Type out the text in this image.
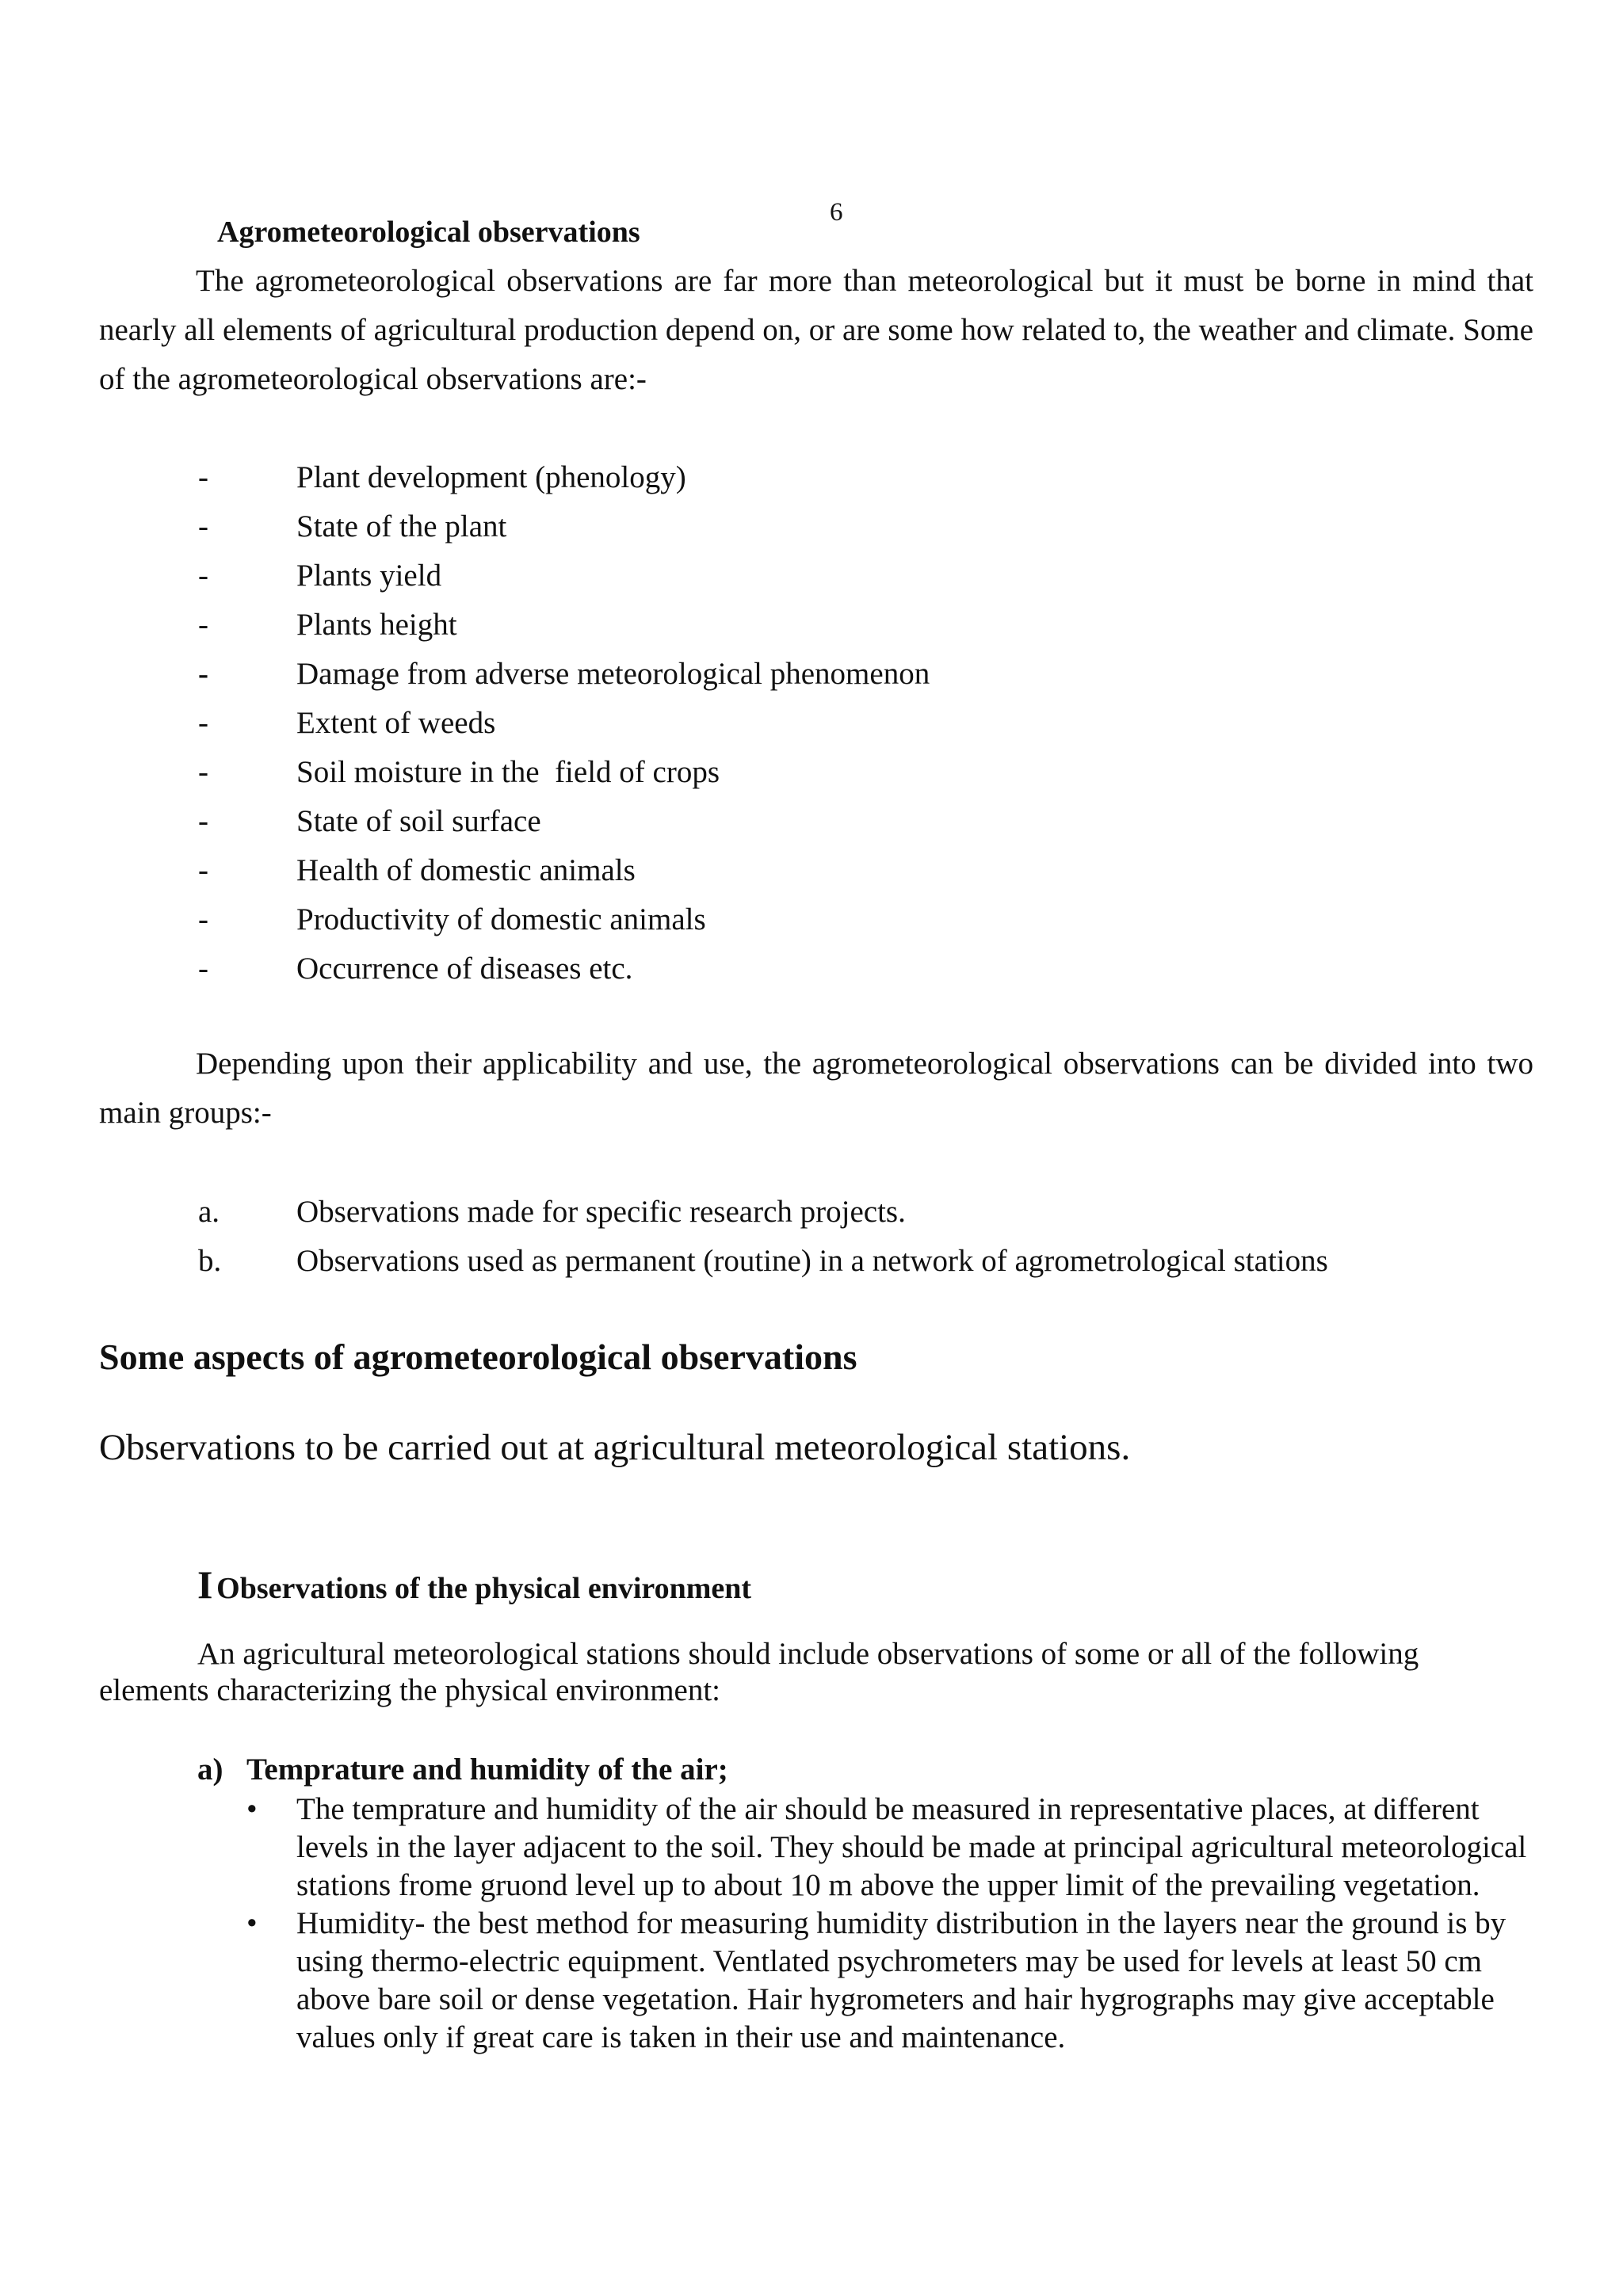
6
Agrometeorological observations

The agrometeorological observations are far more than meteorological but it must be borne in mind that nearly all elements of agricultural production depend on, or are some how related to, the weather and climate. Some of the agrometeorological observations are:-

-	Plant development (phenology)
-	State of the plant
-	Plants yield
-	Plants height
-	Damage from adverse meteorological phenomenon
-	Extent of weeds
-	Soil moisture in the  field of crops
-	State of soil surface
-	Health of domestic animals
-	Productivity of domestic animals
-	Occurrence of diseases etc.

Depending upon their applicability and use, the agrometeorological observations can be divided into two main groups:-

a. Observations made for specific research projects.
b. Observations used as permanent (routine) in a network of agrometrological stations
Some aspects of agrometeorological observations

Observations to be carried out at agricultural meteorological stations.

I Observations of the physical environment

An agricultural meteorological stations should include observations of some or all of the following elements characterizing the physical environment:

a) Temprature and humidity of the air;

• The temprature and humidity of the air should be measured in representative places, at different levels in the layer adjacent to the soil. They should be made at principal agricultural meteorological stations frome gruond level up to about 10 m above the upper limit of the prevailing vegetation.
• Humidity- the best method for measuring humidity distribution in the layers near the ground is by using thermo-electric equipment. Ventlated psychrometers may be used for levels at least 50 cm above bare soil or dense vegetation. Hair hygrometers and hair hygrographs may give acceptable values only if great care is taken in their use and maintenance.
